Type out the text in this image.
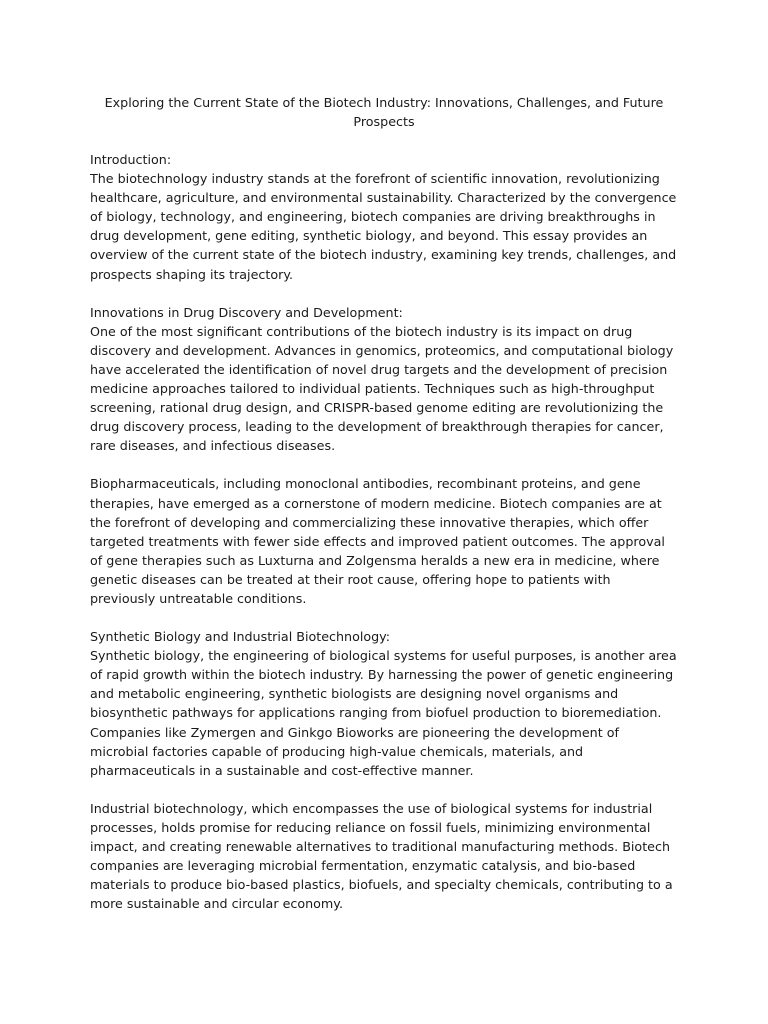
Exploring the Current State of the Biotech Industry: Innovations, Challenges, and Future Prospects

Introduction:

The biotechnology industry stands at the forefront of scientific innovation, revolutionizing healthcare, agriculture, and environmental sustainability. Characterized by the convergence of biology, technology, and engineering, biotech companies are driving breakthroughs in drug development, gene editing, synthetic biology, and beyond. This essay provides an overview of the current state of the biotech industry, examining key trends, challenges, and prospects shaping its trajectory.

Innovations in Drug Discovery and Development:

One of the most significant contributions of the biotech industry is its impact on drug discovery and development. Advances in genomics, proteomics, and computational biology have accelerated the identification of novel drug targets and the development of precision medicine approaches tailored to individual patients. Techniques such as high-throughput screening, rational drug design, and CRISPR-based genome editing are revolutionizing the drug discovery process, leading to the development of breakthrough therapies for cancer, rare diseases, and infectious diseases.

Biopharmaceuticals, including monoclonal antibodies, recombinant proteins, and gene therapies, have emerged as a cornerstone of modern medicine. Biotech companies are at the forefront of developing and commercializing these innovative therapies, which offer targeted treatments with fewer side effects and improved patient outcomes. The approval of gene therapies such as Luxturna and Zolgensma heralds a new era in medicine, where genetic diseases can be treated at their root cause, offering hope to patients with previously untreatable conditions.

Synthetic Biology and Industrial Biotechnology:

Synthetic biology, the engineering of biological systems for useful purposes, is another area of rapid growth within the biotech industry. By harnessing the power of genetic engineering and metabolic engineering, synthetic biologists are designing novel organisms and biosynthetic pathways for applications ranging from biofuel production to bioremediation. Companies like Zymergen and Ginkgo Bioworks are pioneering the development of microbial factories capable of producing high-value chemicals, materials, and pharmaceuticals in a sustainable and cost-effective manner.

Industrial biotechnology, which encompasses the use of biological systems for industrial processes, holds promise for reducing reliance on fossil fuels, minimizing environmental impact, and creating renewable alternatives to traditional manufacturing methods. Biotech companies are leveraging microbial fermentation, enzymatic catalysis, and bio-based materials to produce bio-based plastics, biofuels, and specialty chemicals, contributing to a more sustainable and circular economy.
